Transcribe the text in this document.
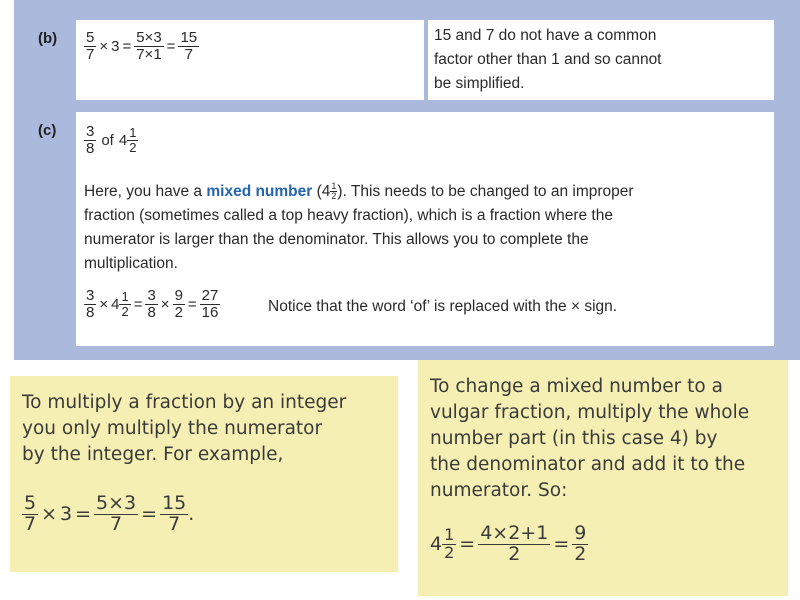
$(b) \frac{5}{7} \times 3 = \frac{5\times 3}{7\times 1} = \frac{15}{7}$	15 and 7 do not have a common
factor other than 1 and so cannot
be simplified.
$(c) \frac{3}{8}$ of $4 \frac{1}{2}$
Here, you have a mixed number ($4 \frac{1}{2}$ ). This needs to be changed to an improper
fraction (sometimes called a top heavy fraction), which is a fraction where the
numerator is larger than the denominator. This allows you to complete the
multiplication.
$\frac{3}{8} \times 4 \frac{1}{2} = \frac{3}{8} \times \frac{9}{2} = \frac{27}{16}$	Notice that the word ‘of’ is replaced with the × sign.
To multiply a fraction by an integer
you only multiply the numerator
by the integer. For example,
$\frac{5}{7} \times 3 = \frac{5\times 3}{7} = \frac{15}{7}$ .
To change a mixed number to a
vulgar fraction, multiply the whole
number part (in this case 4) by
the denominator and add it to the
numerator. So:
$4 \frac{1}{2} = \frac{4\times 2+1}{2} = \frac{9}{2}$
